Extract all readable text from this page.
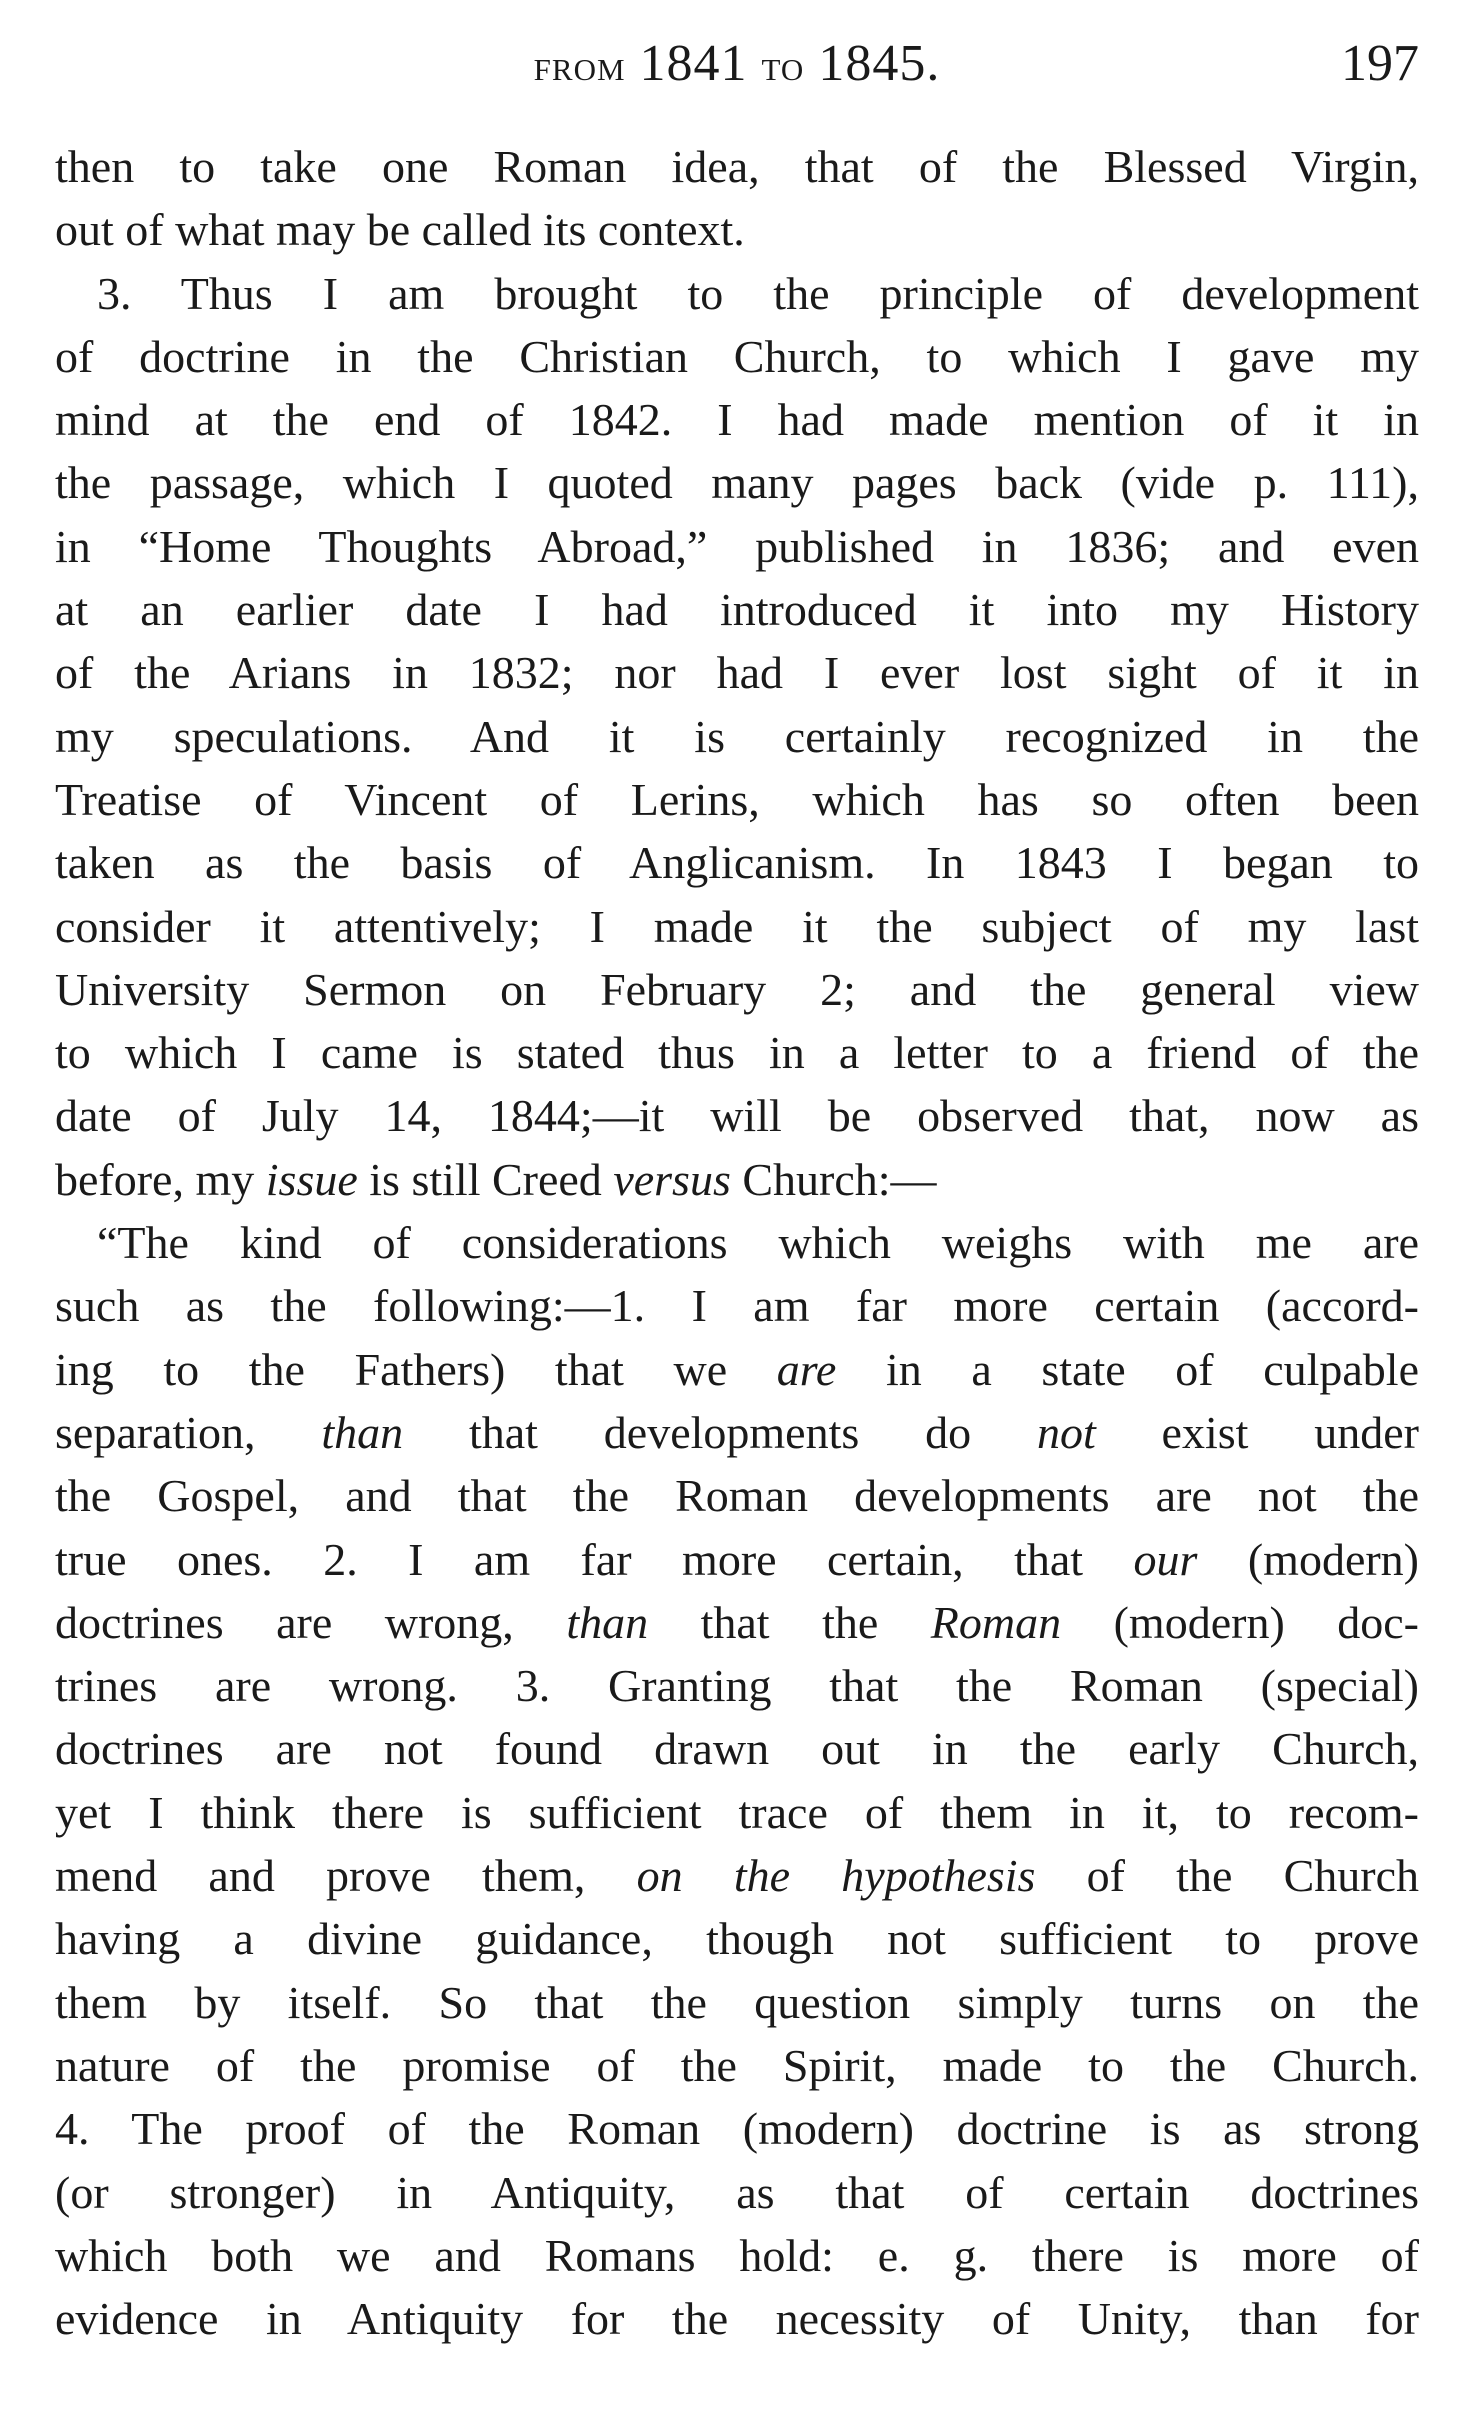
from 1841 to 1845.	197
then to take one Roman idea, that of the Blessed Virgin,
out of what may be called its context.
3. Thus I am brought to the principle of development
of doctrine in the Christian Church, to which I gave my
mind at the end of 1842. I had made mention of it in
the passage, which I quoted many pages back (vide p. 111),
in “Home Thoughts Abroad,” published in 1836; and even
at an earlier date I had introduced it into my History
of the Arians in 1832; nor had I ever lost sight of it in
my speculations. And it is certainly recognized in the
Treatise of Vincent of Lerins, which has so often been
taken as the basis of Anglicanism. In 1843 I began to
consider it attentively; I made it the subject of my last
University Sermon on February 2; and the general view
to which I came is stated thus in a letter to a friend of the
date of July 14, 1844;—it will be observed that, now as
before, my issue is still Creed versus Church:—
“The kind of considerations which weighs with me are
such as the following:—1. I am far more certain (accord-
ing to the Fathers) that we are in a state of culpable
separation, than that developments do not exist under
the Gospel, and that the Roman developments are not the
true ones. 2. I am far more certain, that our (modern)
doctrines are wrong, than that the Roman (modern) doc-
trines are wrong. 3. Granting that the Roman (special)
doctrines are not found drawn out in the early Church,
yet I think there is sufficient trace of them in it, to recom-
mend and prove them, on the hypothesis of the Church
having a divine guidance, though not sufficient to prove
them by itself. So that the question simply turns on the
nature of the promise of the Spirit, made to the Church.
4. The proof of the Roman (modern) doctrine is as strong
(or stronger) in Antiquity, as that of certain doctrines
which both we and Romans hold: e. g. there is more of
evidence in Antiquity for the necessity of Unity, than for
